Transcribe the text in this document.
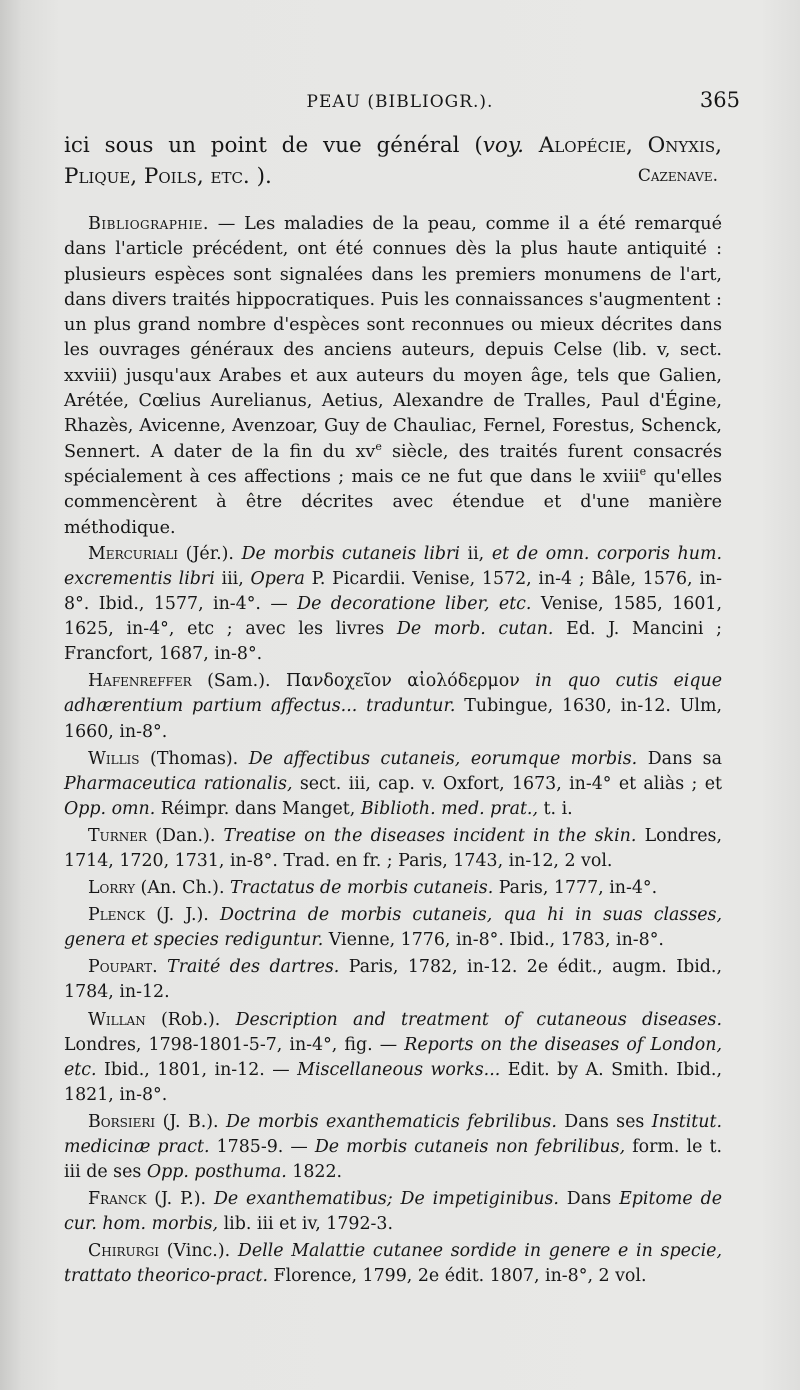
PEAU (BIBLIOGR.).	365

ici sous un point de vue général (voy. Alopécie, Onyxis, Plique, Poils, etc. ).	Cazenave.

Bibliographie. — Les maladies de la peau, comme il a été remarqué dans l'article précédent, ont été connues dès la plus haute antiquité : plusieurs espèces sont signalées dans les premiers monumens de l'art, dans divers traités hippocratiques. Puis les connaissances s'augmentent : un plus grand nombre d'espèces sont reconnues ou mieux décrites dans les ouvrages généraux des anciens auteurs, depuis Celse (lib. v, sect. xxviii) jusqu'aux Arabes et aux auteurs du moyen âge, tels que Galien, Arétée, Cœlius Aurelianus, Aetius, Alexandre de Tralles, Paul d'Égine, Rhazès, Avicenne, Avenzoar, Guy de Chauliac, Fernel, Forestus, Schenck, Sennert. A dater de la fin du $xv^e$ siècle, des traités furent consacrés spécialement à ces affections ; mais ce ne fut que dans le xviii$^e$ qu'elles commencèrent à être décrites avec étendue et d'une manière méthodique.

Mercuriali (Jér.). De morbis cutaneis libri ii, et de omn. corporis hum. excrementis libri iii, Opera P. Picardii. Venise, 1572, in-4 ; Bâle, 1576, in-8°. Ibid., 1577, in-4°. — De decoratione liber, etc. Venise, 1585, 1601, 1625, in-4°, etc ; avec les livres De morb. cutan. Ed. J. Mancini ; Francfort, 1687, in-8°.

Hafenreffer (Sam.). Πανδοχεῖον αἰολόδερμον in quo cutis eique adhærentium partium affectus... traduntur. Tubingue, 1630, in-12. Ulm, 1660, in-8°.

Willis (Thomas). De affectibus cutaneis, eorumque morbis. Dans sa Pharmaceutica rationalis, sect. iii, cap. v. Oxfort, 1673, in-4° et aliàs ; et Opp. omn. Réimpr. dans Manget, Biblioth. med. prat., t. i.

Turner (Dan.). Treatise on the diseases incident in the skin. Londres, 1714, 1720, 1731, in-8°. Trad. en fr. ; Paris, 1743, in-12, 2 vol.

Lorry (An. Ch.). Tractatus de morbis cutaneis. Paris, 1777, in-4°.

Plenck (J. J.). Doctrina de morbis cutaneis, qua hi in suas classes, genera et species rediguntur. Vienne, 1776, in-8°. Ibid., 1783, in-8°.

Poupart. Traité des dartres. Paris, 1782, in-12. 2e édit., augm. Ibid., 1784, in-12.

Willan (Rob.). Description and treatment of cutaneous diseases. Londres, 1798-1801-5-7, in-4°, fig. — Reports on the diseases of London, etc. Ibid., 1801, in-12. — Miscellaneous works... Edit. by A. Smith. Ibid., 1821, in-8°.

Borsieri (J. B.). De morbis exanthematicis febrilibus. Dans ses Institut. medicinæ pract. 1785-9. — De morbis cutaneis non febrilibus, form. le t. iii de ses Opp. posthuma. 1822.

Franck (J. P.). De exanthematibus; De impetiginibus. Dans Epitome de cur. hom. morbis, lib. iii et iv, 1792-3.

Chirurgi (Vinc.). Delle Malattie cutanee sordide in genere e in specie, trattato theorico-pract. Florence, 1799, 2e édit. 1807, in-8°, 2 vol.
